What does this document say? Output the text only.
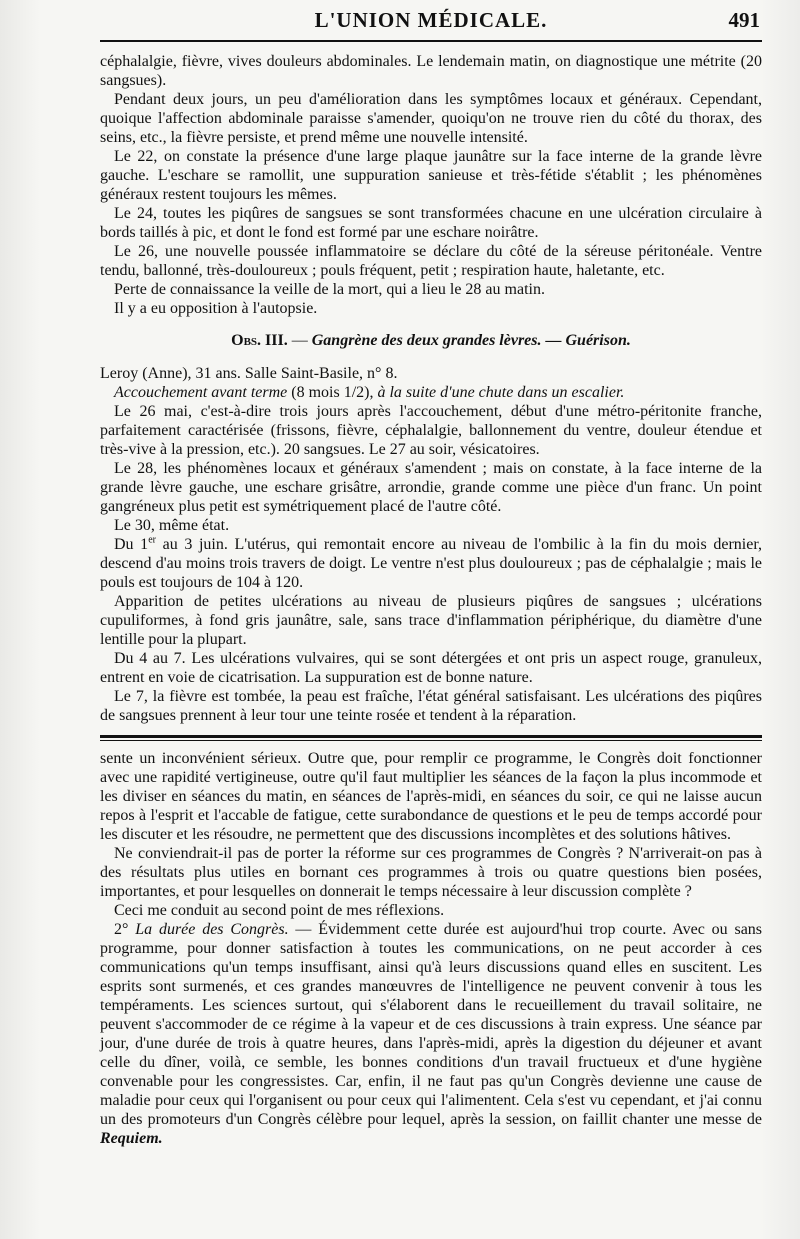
L'UNION MÉDICALE.	491

céphalalgie, fièvre, vives douleurs abdominales. Le lendemain matin, on diagnostique une métrite (20 sangsues).

Pendant deux jours, un peu d'amélioration dans les symptômes locaux et généraux. Cependant, quoique l'affection abdominale paraisse s'amender, quoiqu'on ne trouve rien du côté du thorax, des seins, etc., la fièvre persiste, et prend même une nouvelle intensité.

Le 22, on constate la présence d'une large plaque jaunâtre sur la face interne de la grande lèvre gauche. L'eschare se ramollit, une suppuration sanieuse et très-fétide s'établit ; les phénomènes généraux restent toujours les mêmes.

Le 24, toutes les piqûres de sangsues se sont transformées chacune en une ulcération circulaire à bords taillés à pic, et dont le fond est formé par une eschare noirâtre.

Le 26, une nouvelle poussée inflammatoire se déclare du côté de la séreuse péritonéale. Ventre tendu, ballonné, très-douloureux ; pouls fréquent, petit ; respiration haute, haletante, etc.

Perte de connaissance la veille de la mort, qui a lieu le 28 au matin.

Il y a eu opposition à l'autopsie.

Obs. III. — Gangrène des deux grandes lèvres. — Guérison.

Leroy (Anne), 31 ans. Salle Saint-Basile, n° 8.

Accouchement avant terme (8 mois 1/2), à la suite d'une chute dans un escalier.

Le 26 mai, c'est-à-dire trois jours après l'accouchement, début d'une métro-péritonite franche, parfaitement caractérisée (frissons, fièvre, céphalalgie, ballonnement du ventre, douleur étendue et très-vive à la pression, etc.). 20 sangsues. Le 27 au soir, vésicatoires.

Le 28, les phénomènes locaux et généraux s'amendent ; mais on constate, à la face interne de la grande lèvre gauche, une eschare grisâtre, arrondie, grande comme une pièce d'un franc. Un point gangréneux plus petit est symétriquement placé de l'autre côté.

Le 30, même état.

Du 1er au 3 juin. L'utérus, qui remontait encore au niveau de l'ombilic à la fin du mois dernier, descend d'au moins trois travers de doigt. Le ventre n'est plus douloureux ; pas de céphalalgie ; mais le pouls est toujours de 104 à 120.

Apparition de petites ulcérations au niveau de plusieurs piqûres de sangsues ; ulcérations cupuliformes, à fond gris jaunâtre, sale, sans trace d'inflammation périphérique, du diamètre d'une lentille pour la plupart.

Du 4 au 7. Les ulcérations vulvaires, qui se sont détergées et ont pris un aspect rouge, granuleux, entrent en voie de cicatrisation. La suppuration est de bonne nature.

Le 7, la fièvre est tombée, la peau est fraîche, l'état général satisfaisant. Les ulcérations des piqûres de sangsues prennent à leur tour une teinte rosée et tendent à la réparation.

sente un inconvénient sérieux. Outre que, pour remplir ce programme, le Congrès doit fonctionner avec une rapidité vertigineuse, outre qu'il faut multiplier les séances de la façon la plus incommode et les diviser en séances du matin, en séances de l'après-midi, en séances du soir, ce qui ne laisse aucun repos à l'esprit et l'accable de fatigue, cette surabondance de questions et le peu de temps accordé pour les discuter et les résoudre, ne permettent que des discussions incomplètes et des solutions hâtives.

Ne conviendrait-il pas de porter la réforme sur ces programmes de Congrès ? N'arriverait-on pas à des résultats plus utiles en bornant ces programmes à trois ou quatre questions bien posées, importantes, et pour lesquelles on donnerait le temps nécessaire à leur discussion complète ?

Ceci me conduit au second point de mes réflexions.

2° La durée des Congrès. — Évidemment cette durée est aujourd'hui trop courte. Avec ou sans programme, pour donner satisfaction à toutes les communications, on ne peut accorder à ces communications qu'un temps insuffisant, ainsi qu'à leurs discussions quand elles en suscitent. Les esprits sont surmenés, et ces grandes manœuvres de l'intelligence ne peuvent convenir à tous les tempéraments. Les sciences surtout, qui s'élaborent dans le recueillement du travail solitaire, ne peuvent s'accommoder de ce régime à la vapeur et de ces discussions à train express. Une séance par jour, d'une durée de trois à quatre heures, dans l'après-midi, après la digestion du déjeuner et avant celle du dîner, voilà, ce semble, les bonnes conditions d'un travail fructueux et d'une hygiène convenable pour les congressistes. Car, enfin, il ne faut pas qu'un Congrès devienne une cause de maladie pour ceux qui l'organisent ou pour ceux qui l'alimentent. Cela s'est vu cependant, et j'ai connu un des promoteurs d'un Congrès célèbre pour lequel, après la session, on faillit chanter une messe de Requiem.
